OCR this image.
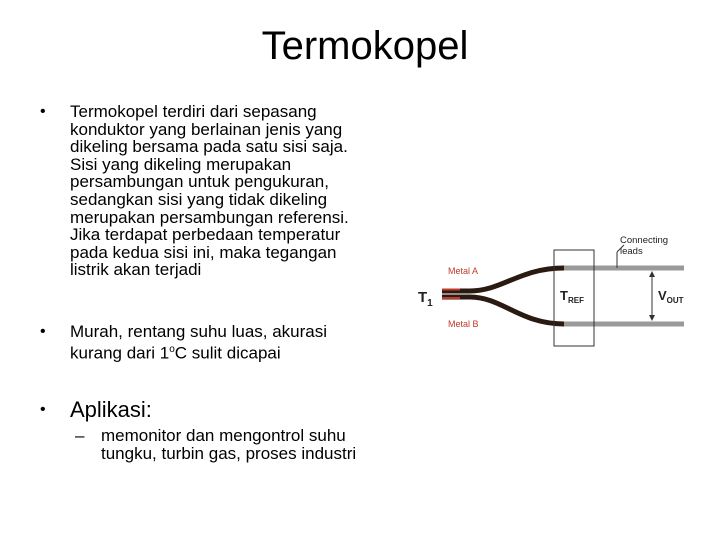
Termokopel
• Termokopel terdiri dari sepasang
konduktor yang berlainan jenis yang
dikeling bersama pada satu sisi saja.
Sisi yang dikeling merupakan
persambungan untuk pengukuran,
sedangkan sisi yang tidak dikeling
merupakan persambungan referensi.
Jika terdapat perbedaan temperatur
pada kedua sisi ini, maka tegangan
listrik akan terjadi
• Murah, rentang suhu luas, akurasi
kurang dari 1$^o$C sulit dicapai
• Aplikasi:
– memonitor dan mengontrol suhu
tungku, turbin gas, proses industri
Connecting
leads
Metal A
Metal B
$T_1$
$T_{REF}$	$V_{OUT}$
